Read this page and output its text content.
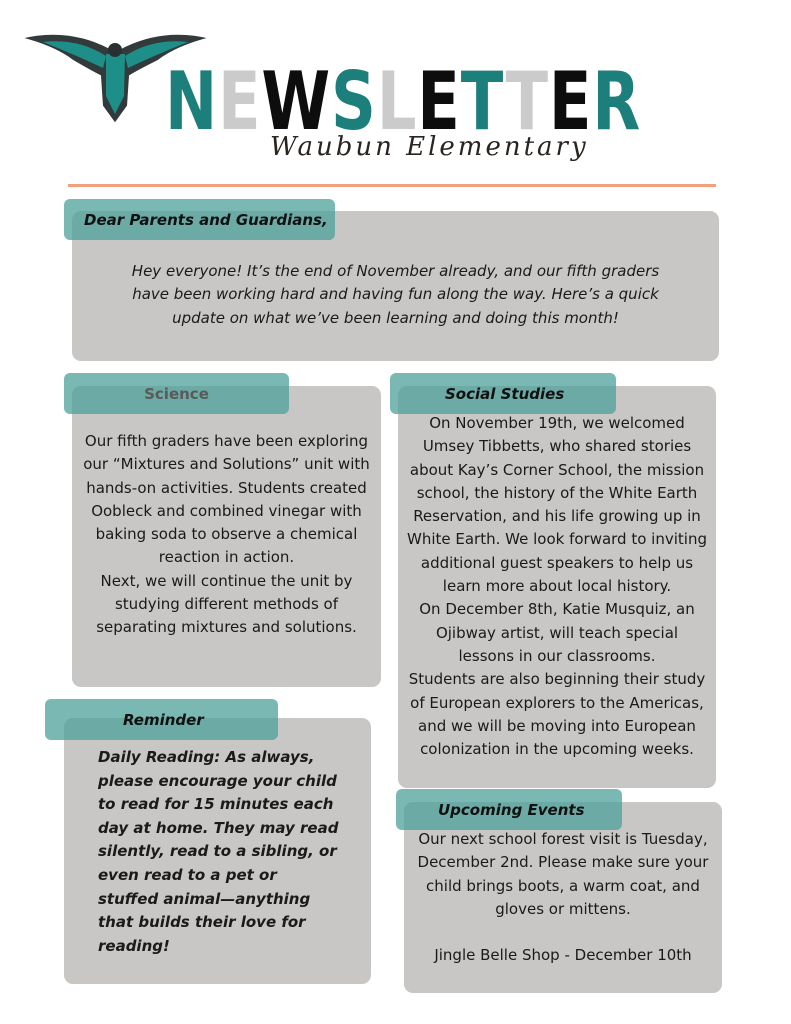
NEWSLETTER
Waubun Elementary
Dear Parents and Guardians,
Hey everyone! It’s the end of November already, and our fifth graders
have been working hard and having fun along the way. Here’s a quick
update on what we’ve been learning and doing this month!
Science
Our fifth graders have been exploring
our “Mixtures and Solutions” unit with
hands-on activities. Students created
Oobleck and combined vinegar with
baking soda to observe a chemical
reaction in action.
Next, we will continue the unit by
studying different methods of
separating mixtures and solutions.
Social Studies
On November 19th, we welcomed
Umsey Tibbetts, who shared stories
about Kay’s Corner School, the mission
school, the history of the White Earth
Reservation, and his life growing up in
White Earth. We look forward to inviting
additional guest speakers to help us
learn more about local history.
On December 8th, Katie Musquiz, an
Ojibway artist, will teach special
lessons in our classrooms.
Students are also beginning their study
of European explorers to the Americas,
and we will be moving into European
colonization in the upcoming weeks.
Reminder
Daily Reading: As always,
please encourage your child
to read for 15 minutes each
day at home. They may read
silently, read to a sibling, or
even read to a pet or
stuffed animal—anything
that builds their love for
reading!
Upcoming Events
Our next school forest visit is Tuesday,
December 2nd. Please make sure your
child brings boots, a warm coat, and
gloves or mittens.

Jingle Belle Shop - December 10th
